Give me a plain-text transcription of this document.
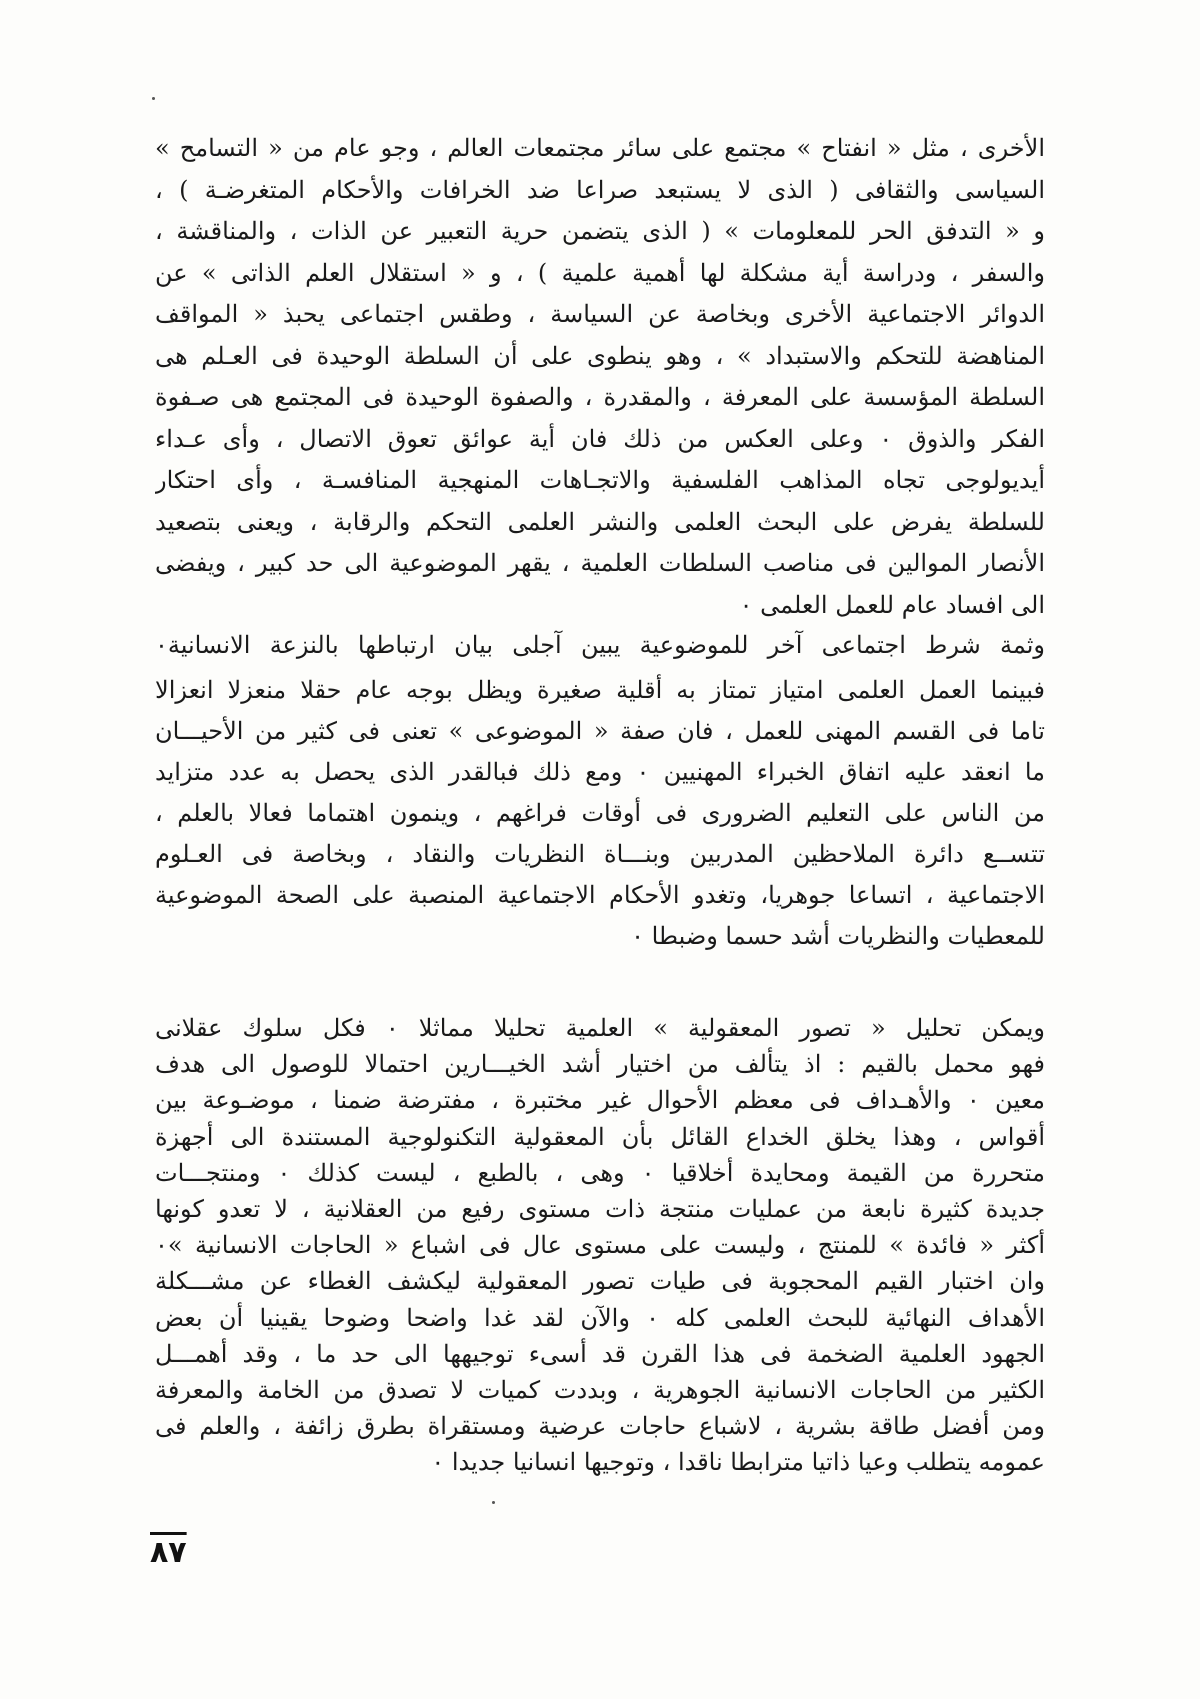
الأخرى ، مثل « انفتاح » مجتمع على سائر مجتمعات العالم ، وجو عام من « التسامح »
السياسى والثقافى ( الذى لا يستبعد صراعا ضد الخرافات والأحكام المتغرضـة ) ،
و « التدفق الحر للمعلومات » ( الذى يتضمن حرية التعبير عن الذات ، والمناقشة ،
والسفر ، ودراسة أية مشكلة لها أهمية علمية ) ، و « استقلال العلم الذاتى » عن
الدوائر الاجتماعية الأخرى وبخاصة عن السياسة ، وطقس اجتماعى يحبذ « المواقف
المناهضة للتحكم والاستبداد » ، وهو ينطوى على أن السلطة الوحيدة فى العـلم هى
السلطة المؤسسة على المعرفة ، والمقدرة ، والصفوة الوحيدة فى المجتمع هى صـفوة
الفكر والذوق ٠ وعلى العكس من ذلك فان أية عوائق تعوق الاتصال ، وأى عـداء
أيديولوجى تجاه المذاهب الفلسفية والاتجـاهات المنهجية المنافسـة ، وأى احتكار
للسلطة يفرض على البحث العلمى والنشر العلمى التحكم والرقابة ، ويعنى بتصعيد
الأنصار الموالين فى مناصب السلطات العلمية ، يقهر الموضوعية الى حد كبير ، ويفضى
الى افساد عام للعمل العلمى ٠
وثمة شرط اجتماعى آخر للموضوعية يبين آجلى بيان ارتباطها بالنزعة الانسانية٠
فبينما العمل العلمى امتياز تمتاز به أقلية صغيرة ويظل بوجه عام حقلا منعزلا انعزالا
تاما فى القسم المهنى للعمل ، فان صفة « الموضوعى » تعنى فى كثير من الأحيـــان
ما انعقد عليه اتفاق الخبراء المهنيين ٠ ومع ذلك فبالقدر الذى يحصل به عدد متزايد
من الناس على التعليم الضرورى فى أوقات فراغهم ، وينمون اهتماما فعالا بالعلم ،
تتســع دائرة الملاحظين المدربين وبنـــاة النظريات والنقاد ، وبخاصة فى العـلوم
الاجتماعية ، اتساعا جوهريا، وتغدو الأحكام الاجتماعية المنصبة على الصحة الموضوعية
للمعطيات والنظريات أشد حسما وضبطا ٠
ويمكن تحليل « تصور المعقولية » العلمية تحليلا مماثلا ٠ فكل سلوك عقلانى
فهو محمل بالقيم : اذ يتألف من اختيار أشد الخيـــارين احتمالا للوصول الى هدف
معين ٠ والأهـداف فى معظم الأحوال غير مختبرة ، مفترضة ضمنا ، موضـوعة بين
أقواس ، وهذا يخلق الخداع القائل بأن المعقولية التكنولوجية المستندة الى أجهزة
متحررة من القيمة ومحايدة أخلاقيا ٠ وهى ، بالطبع ، ليست كذلك ٠ ومنتجـــات
جديدة كثيرة نابعة من عمليات منتجة ذات مستوى رفيع من العقلانية ، لا تعدو كونها
أكثر « فائدة » للمنتج ، وليست على مستوى عال فى اشباع « الحاجات الانسانية »٠
وان اختبار القيم المحجوبة فى طيات تصور المعقولية ليكشف الغطاء عن مشـــكلة
الأهداف النهائية للبحث العلمى كله ٠ والآن لقد غدا واضحا وضوحا يقينيا أن بعض
الجهود العلمية الضخمة فى هذا القرن قد أسىء توجيهها الى حد ما ، وقد أهمـــل
الكثير من الحاجات الانسانية الجوهرية ، وبددت كميات لا تصدق من الخامة والمعرفة
ومن أفضل طاقة بشرية ، لاشباع حاجات عرضية ومستقراة بطرق زائفة ، والعلم فى
عمومه يتطلب وعيا ذاتيا مترابطا ناقدا ، وتوجيها انسانيا جديدا ٠
٨٧
